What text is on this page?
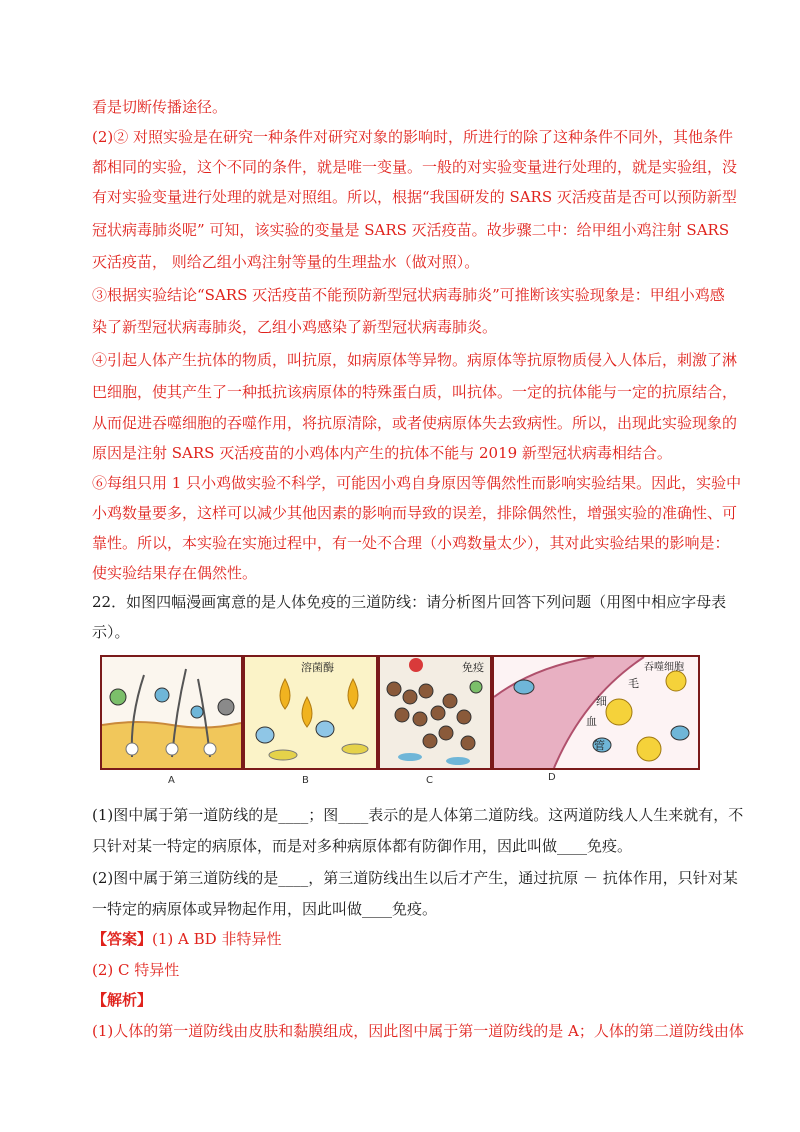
看是切断传播途径。
(2)② 对照实验是在研究一种条件对研究对象的影响时，所进行的除了这种条件不同外，其他条件
都相同的实验，这个不同的条件，就是唯一变量。一般的对实验变量进行处理的，就是实验组，没
有对实验变量进行处理的就是对照组。所以，根据“我国研发的 SARS 灭活疫苗是否可以预防新型
冠状病毒肺炎呢” 可知，该实验的变量是 SARS 灭活疫苗。故步骤二中：给甲组小鸡注射 SARS
灭活疫苗， 则给乙组小鸡注射等量的生理盐水（做对照）。
③根据实验结论“SARS 灭活疫苗不能预防新型冠状病毒肺炎”可推断该实验现象是：甲组小鸡感
染了新型冠状病毒肺炎，乙组小鸡感染了新型冠状病毒肺炎。
④引起人体产生抗体的物质，叫抗原，如病原体等异物。病原体等抗原物质侵入人体后，刺激了淋
巴细胞，使其产生了一种抵抗该病原体的特殊蛋白质，叫抗体。一定的抗体能与一定的抗原结合，
从而促进吞噬细胞的吞噬作用，将抗原清除，或者使病原体失去致病性。所以，出现此实验现象的
原因是注射 SARS 灭活疫苗的小鸡体内产生的抗体不能与 2019 新型冠状病毒相结合。
⑥每组只用 1 只小鸡做实验不科学，可能因小鸡自身原因等偶然性而影响实验结果。因此，实验中
小鸡数量要多，这样可以减少其他因素的影响而导致的误差，排除偶然性，增强实验的准确性、可
靠性。所以，本实验在实施过程中，有一处不合理（小鸡数量太少），其对此实验结果的影响是：
使实验结果存在偶然性。
22．如图四幅漫画寓意的是人体免疫的三道防线：请分析图片回答下列问题（用图中相应字母表
示）。
溶菌酶	免疫	吞噬细胞
毛
细
血
管
A	B	C	D
(1)图中属于第一道防线的是____；图____表示的是人体第二道防线。这两道防线人人生来就有，不
只针对某一特定的病原体，而是对多种病原体都有防御作用，因此叫做____免疫。
(2)图中属于第三道防线的是____，第三道防线出生以后才产生，通过抗原 － 抗体作用，只针对某
一特定的病原体或异物起作用，因此叫做____免疫。
【答案】(1) A BD 非特异性
(2) C 特异性
【解析】
(1)人体的第一道防线由皮肤和黏膜组成，因此图中属于第一道防线的是 A；人体的第二道防线由体
